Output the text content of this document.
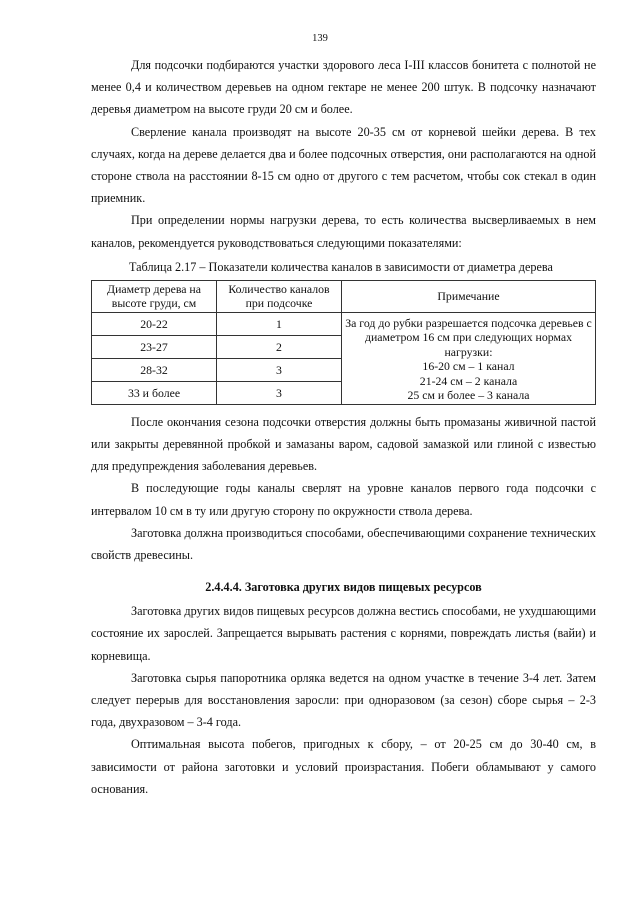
139

Для подсочки подбираются участки здорового леса I-III классов бонитета с полнотой не менее 0,4 и количеством деревьев на одном гектаре не менее 200 штук. В подсочку назначают деревья диаметром на высоте груди 20 см и более.

Сверление канала производят на высоте 20-35 см от корневой шейки дерева. В тех случаях, когда на дереве делается два и более подсочных отверстия, они располагаются на одной стороне ствола на расстоянии 8-15 см одно от другого с тем расчетом, чтобы сок стекал в один приемник.

При определении нормы нагрузки дерева, то есть количества высверливаемых в нем каналов, рекомендуется руководствоваться следующими показателями:

Таблица 2.17 – Показатели количества каналов в зависимости от диаметра дерева

Диаметр дерева на высоте груди, см	Количество каналов при подсочке	Примечание
20-22	1	За год до рубки разрешается подсочка деревьев с диаметром 16 см при следующих нормах нагрузки:
16-20 см – 1 канал
21-24 см – 2 канала
25 см и более – 3 канала

23-27	2	
28-32	3	
33 и более	3	

После окончания сезона подсочки отверстия должны быть промазаны живичной пастой или закрыты деревянной пробкой и замазаны варом, садовой замазкой или глиной с известью для предупреждения заболевания деревьев.

В последующие годы каналы сверлят на уровне каналов первого года подсочки с интервалом 10 см в ту или другую сторону по окружности ствола дерева.

Заготовка должна производиться способами, обеспечивающими сохранение технических свойств древесины.

2.4.4.4. Заготовка других видов пищевых ресурсов

Заготовка других видов пищевых ресурсов должна вестись способами, не ухудшающими состояние их зарослей. Запрещается вырывать растения с корнями, повреждать листья (вайи) и корневища.

Заготовка сырья папоротника орляка ведется на одном участке в течение 3-4 лет. Затем следует перерыв для восстановления заросли: при одноразовом (за сезон) сборе сырья – 2-3 года, двухразовом – 3-4 года.

Оптимальная высота побегов, пригодных к сбору, – от 20-25 см до 30-40 см, в зависимости от района заготовки и условий произрастания. Побеги обламывают у самого основания.
